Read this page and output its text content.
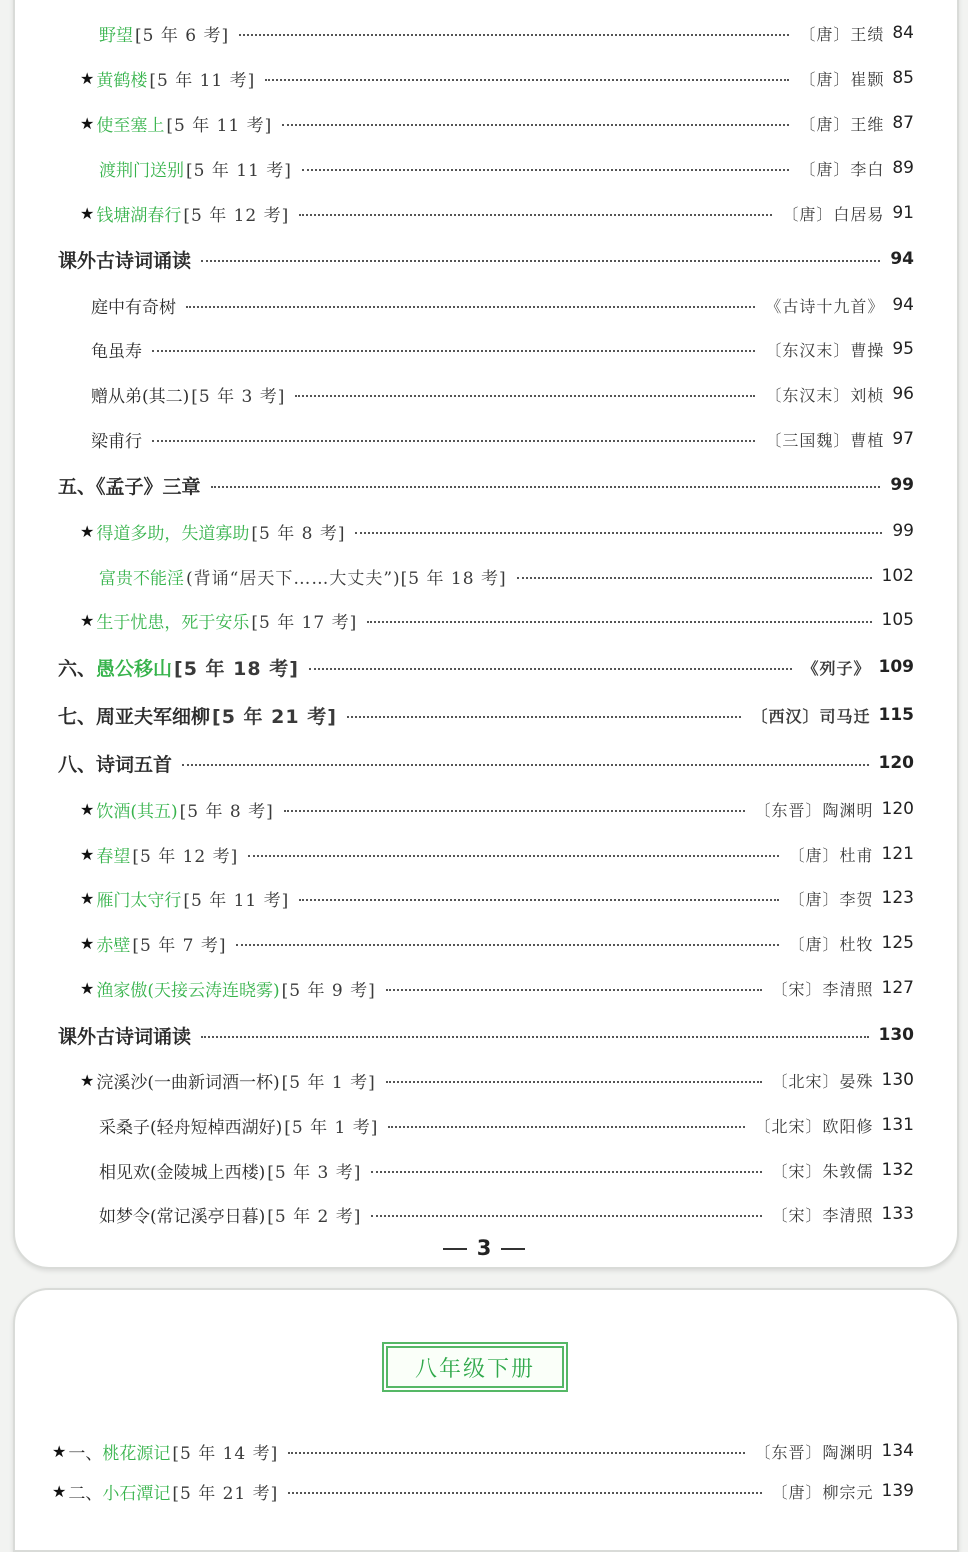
野望 [5 年 6 考]	〔唐〕王绩 84
★ 黄鹤楼 [5 年 11 考]	〔唐〕崔颢 85
★ 使至塞上 [5 年 11 考]	〔唐〕王维 87
渡荆门送别 [5 年 11 考]	〔唐〕李白 89
★ 钱塘湖春行 [5 年 12 考]	〔唐〕白居易 91
课外古诗词诵读	94
庭中有奇树	《古诗十九首》 94
龟虽寿	〔东汉末〕曹操 95
赠从弟(其二) [5 年 3 考]	〔东汉末〕刘桢 96
梁甫行	〔三国魏〕曹植 97
五、《孟子》三章	99
★ 得道多助，失道寡助 [5 年 8 考]	99
富贵不能淫 (背诵“居天下……大丈夫”)[5 年 18 考]	102
★ 生于忧患，死于安乐 [5 年 17 考]	105
六、 愚公移山 [5 年 18 考]	《列子》 109
七、周亚夫军细柳 [5 年 21 考]	〔西汉〕司马迁 115
八、诗词五首	120
★ 饮酒(其五) [5 年 8 考]	〔东晋〕陶渊明 120
★ 春望 [5 年 12 考]	〔唐〕杜甫 121
★ 雁门太守行 [5 年 11 考]	〔唐〕李贺 123
★ 赤壁 [5 年 7 考]	〔唐〕杜牧 125
★ 渔家傲(天接云涛连晓雾) [5 年 9 考]	〔宋〕李清照 127
课外古诗词诵读	130
★ 浣溪沙(一曲新词酒一杯) [5 年 1 考]	〔北宋〕晏殊 130
采桑子(轻舟短棹西湖好) [5 年 1 考]	〔北宋〕欧阳修 131
相见欢(金陵城上西楼) [5 年 3 考]	〔宋〕朱敦儒 132
如梦令(常记溪亭日暮) [5 年 2 考]	〔宋〕李清照 133
3
八年级下册
★ 一、 桃花源记 [5 年 14 考]	〔东晋〕陶渊明 134
★ 二、 小石潭记 [5 年 21 考]	〔唐〕柳宗元 139
